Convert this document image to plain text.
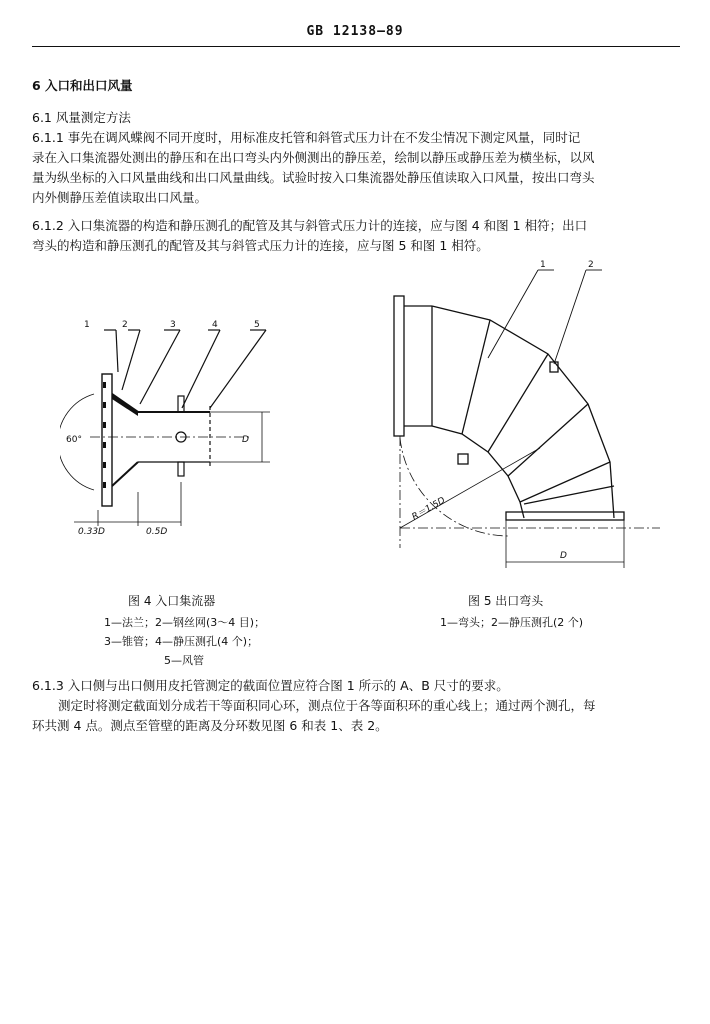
GB 12138—89
6 入口和出口风量
6.1 风量测定方法
6.1.1 事先在调风蝶阀不同开度时，用标准皮托管和斜管式压力计在不发尘情况下测定风量，同时记
录在入口集流器处测出的静压和在出口弯头内外侧测出的静压差，绘制以静压或静压差为横坐标，以风
量为纵坐标的入口风量曲线和出口风量曲线。试验时按入口集流器处静压值读取入口风量，按出口弯头
内外侧静压差值读取出口风量。
6.1.2 入口集流器的构造和静压测孔的配管及其与斜管式压力计的连接，应与图 4 和图 1 相符；出口
弯头的构造和静压测孔的配管及其与斜管式压力计的连接，应与图 5 和图 1 相符。
1	2	3	4	5
60°	D
0.33D	0.5D
1	2
R＝1.5D
D
图 4 入口集流器
1—法兰；2—钢丝网(3～4 目)；
3—锥管；4—静压测孔(4 个)；
5—风管
图 5 出口弯头
1—弯头；2—静压测孔(2 个)
6.1.3 入口侧与出口侧用皮托管测定的截面位置应符合图 1 所示的 A、B 尺寸的要求。
测定时将测定截面划分成若干等面积同心环，测点位于各等面积环的重心线上；通过两个测孔，每
环共测 4 点。测点至管壁的距离及分环数见图 6 和表 1、表 2。
